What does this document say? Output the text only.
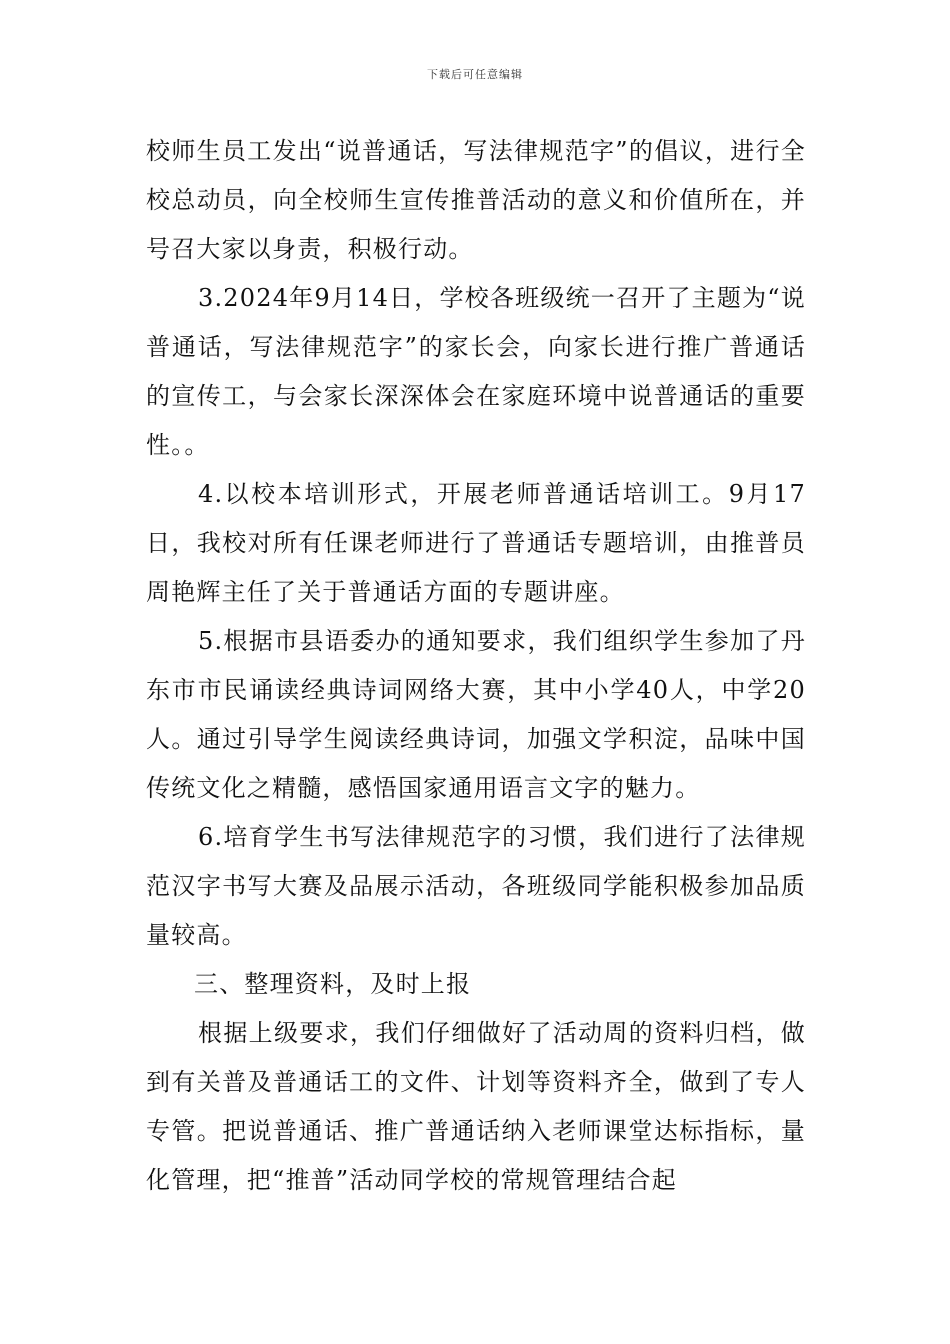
下载后可任意编辑

校师生员工发出“说普通话，写法律规范字”的倡议，进行全校总动员，向全校师生宣传推普活动的意义和价值所在，并号召大家以身责，积极行动。

3.2024年9月14日，学校各班级统一召开了主题为“说普通话，写法律规范字”的家长会，向家长进行推广普通话的宣传工，与会家长深深体会在家庭环境中说普通话的重要性。。

4.以校本培训形式，开展老师普通话培训工。9月17日，我校对所有任课老师进行了普通话专题培训，由推普员周艳辉主任了关于普通话方面的专题讲座。

5.根据市县语委办的通知要求，我们组织学生参加了丹东市市民诵读经典诗词网络大赛，其中小学40人，中学20人。通过引导学生阅读经典诗词，加强文学积淀，品味中国传统文化之精髓，感悟国家通用语言文字的魅力。

6.培育学生书写法律规范字的习惯，我们进行了法律规范汉字书写大赛及品展示活动，各班级同学能积极参加品质量较高。

三、整理资料，及时上报

根据上级要求，我们仔细做好了活动周的资料归档，做到有关普及普通话工的文件、计划等资料齐全，做到了专人专管。把说普通话、推广普通话纳入老师课堂达标指标，量化管理，把“推普”活动同学校的常规管理结合起
